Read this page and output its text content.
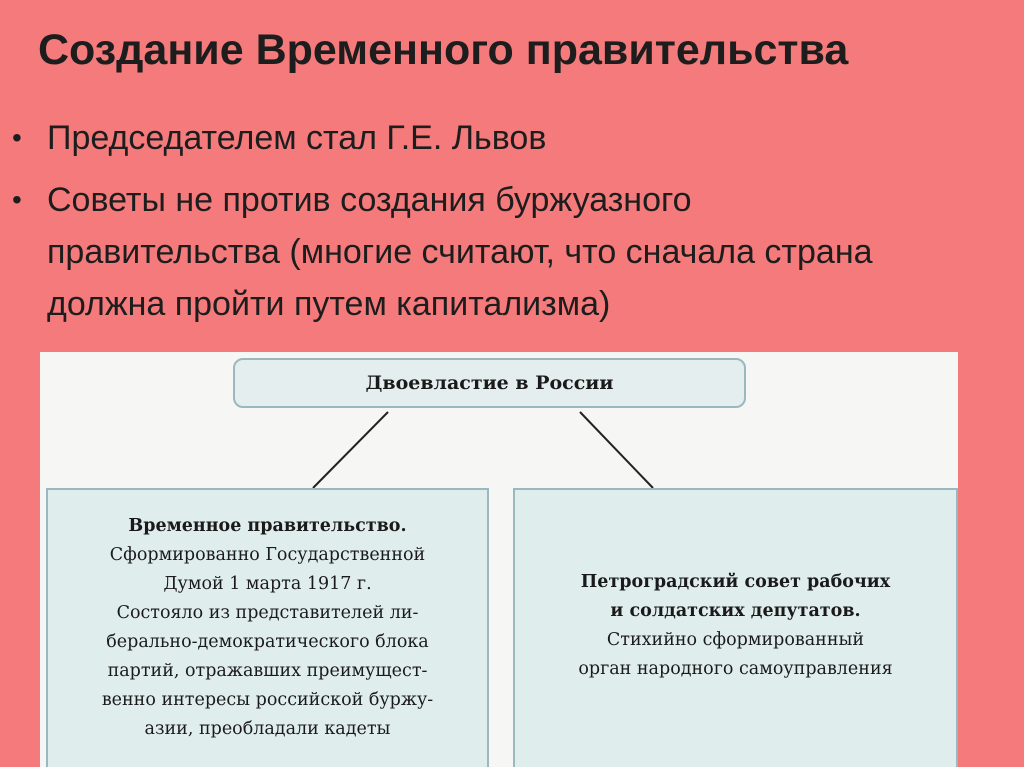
Создание Временного правительства
• Председателем стал Г.Е. Львов
• Советы не против создания буржуазного правительства (многие считают, что сначала страна должна пройти путем капитализма)
Двоевластие в России
Временное правительство.
Сформированно Государственной
Думой 1 марта 1917 г.
Состояло из представителей ли-
берально-демократического блока
партий, отражавших преимущест-
венно интересы российской буржу-
азии, преобладали кадеты
Петроградский совет рабочих
и солдатских депутатов.
Стихийно сформированный
орган народного самоуправления
